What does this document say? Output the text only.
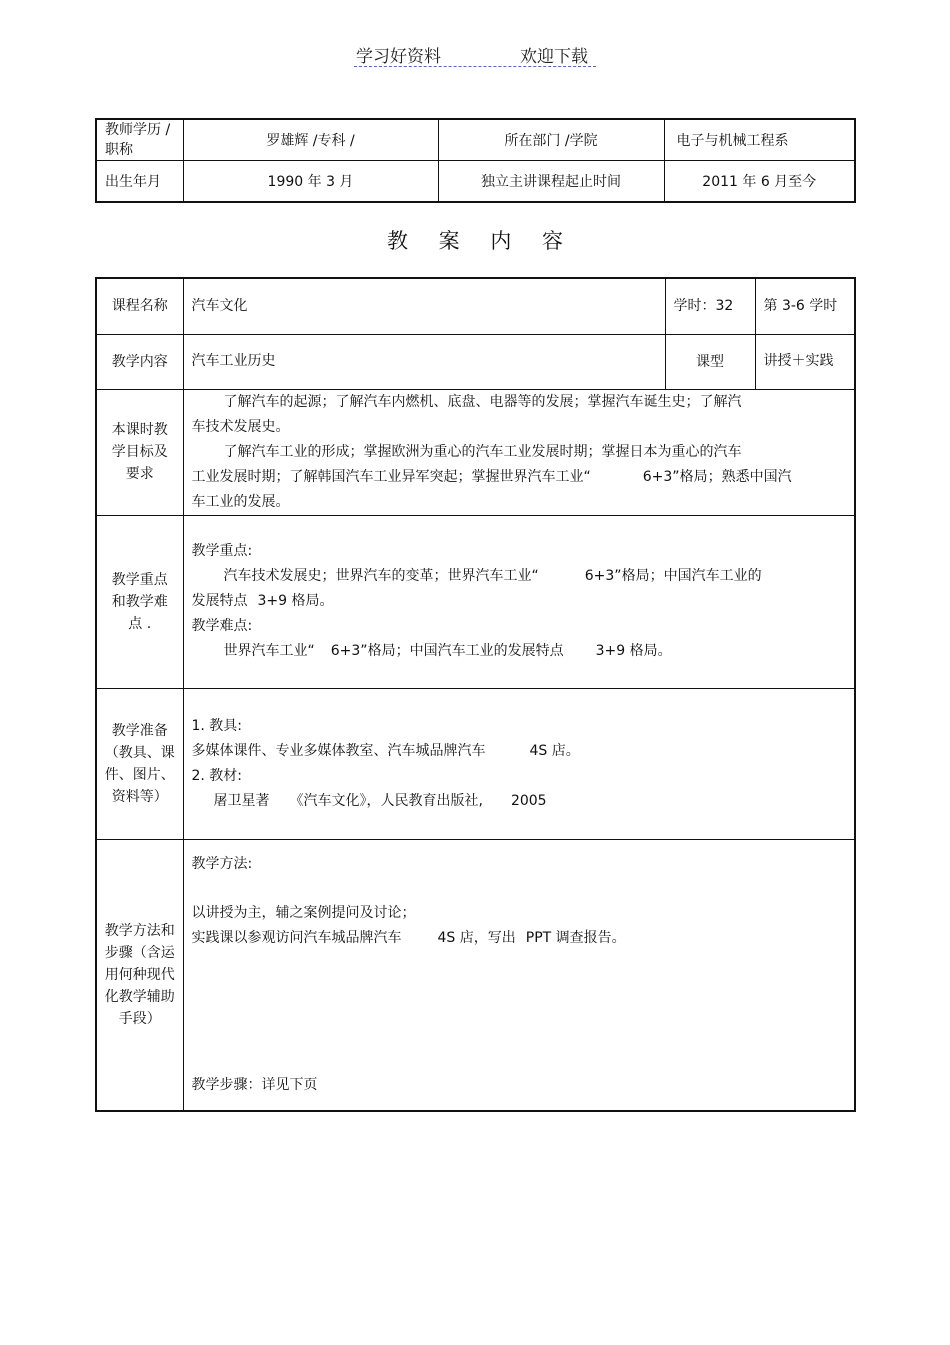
学习好资料	欢迎下载
教师学历 /职称	罗雄辉 /专科 /	所在部门 /学院	电子与机械工程系
出生年月	1990 年 3 月	独立主讲课程起止时间	2011 年 6 月至今
教 案 内 容
课程名称	汽车文化	学时：32	第 3-6 学时
教学内容	汽车工业历史	课型	讲授＋实践
本课时教学目标及要求	了解汽车的起源；了解汽车内燃机、底盘、电器等的发展；掌握汽车诞生史；了解汽
车技术发展史。
了解汽车工业的形成；掌握欧洲为重心的汽车工业发展时期；掌握日本为重心的汽车
工业发展时期；了解韩国汽车工业异军突起；掌握世界汽车工业“ 6+3”格局；熟悉中国汽
车工业的发展。		

教学重点和教学难点 .	教学重点:
汽车技术发展史；世界汽车的变革；世界汽车工业“ 6+3”格局；中国汽车工业的
发展特点 3+9 格局。
教学难点:
世界汽车工业“ 6+3”格局；中国汽车工业的发展特点 3+9 格局。		

教学准备（教具、课件、图片、资料等）	1. 教具:
多媒体课件、专业多媒体教室、汽车城品牌汽车 4S 店。
2. 教材:
屠卫星著 《汽车文化》，人民教育出版社, 2005		

教学方法和步骤（含运用何种现代化教学辅助手段）	教学方法:
以讲授为主，辅之案例提问及讨论；
实践课以参观访问汽车城品牌汽车 4S 店，写出 PPT 调查报告。
教学步骤：详见下页		
